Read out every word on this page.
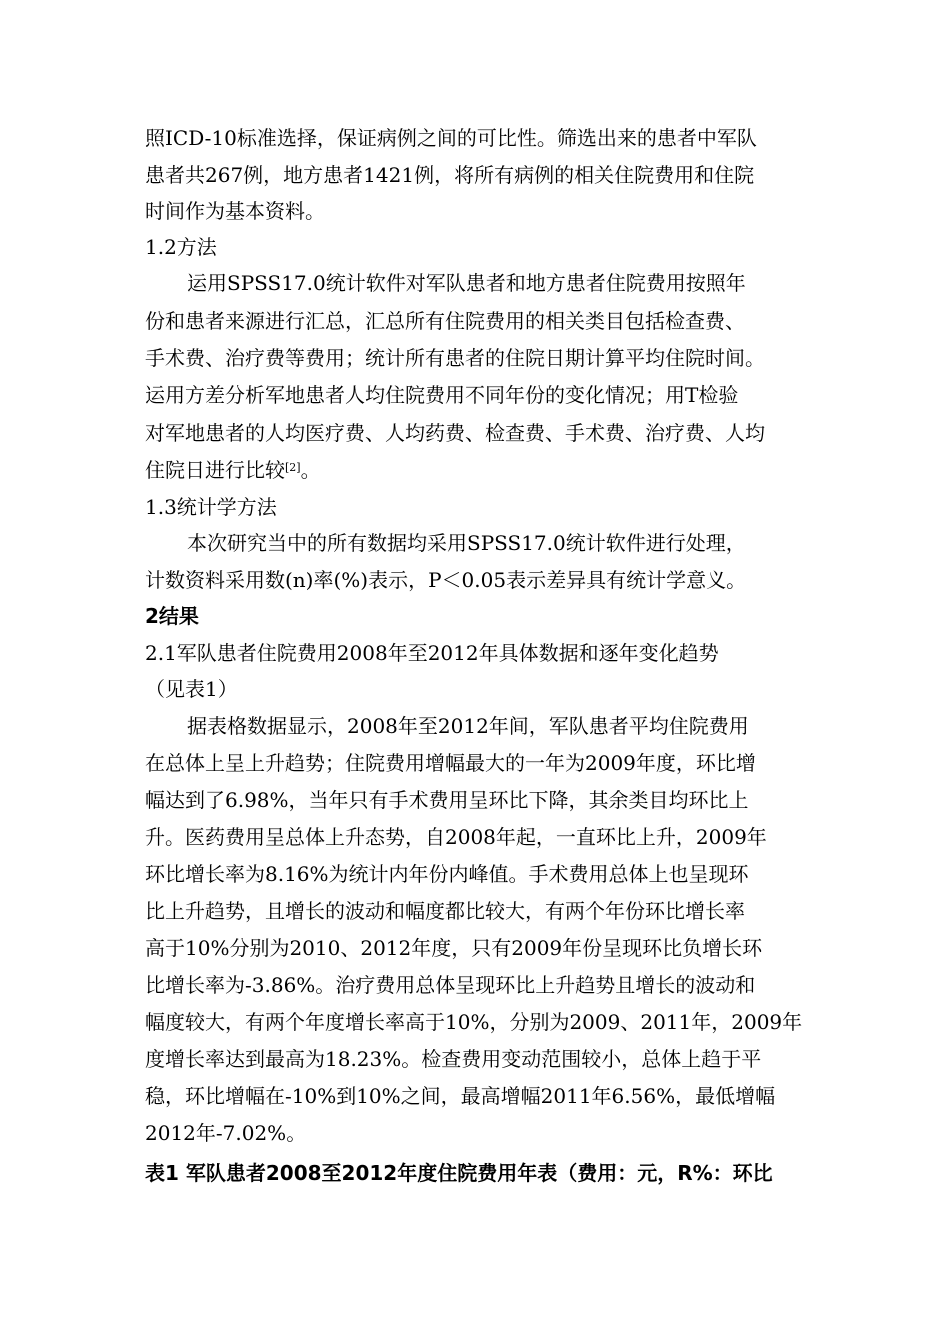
照ICD-10标准选择，保证病例之间的可比性。筛选出来的患者中军队
患者共267例，地方患者1421例，将所有病例的相关住院费用和住院
时间作为基本资料。
1.2方法
运用SPSS17.0统计软件对军队患者和地方患者住院费用按照年
份和患者来源进行汇总，汇总所有住院费用的相关类目包括检查费、
手术费、治疗费等费用；统计所有患者的住院日期计算平均住院时间。
运用方差分析军地患者人均住院费用不同年份的变化情况；用T检验
对军地患者的人均医疗费、人均药费、检查费、手术费、治疗费、人均
住院日进行比较[2]。
1.3统计学方法
本次研究当中的所有数据均采用SPSS17.0统计软件进行处理，
计数资料采用数(n)率(%)表示，P＜0.05表示差异具有统计学意义。
2结果
2.1军队患者住院费用2008年至2012年具体数据和逐年变化趋势
（见表1）
据表格数据显示，2008年至2012年间，军队患者平均住院费用
在总体上呈上升趋势；住院费用增幅最大的一年为2009年度，环比增
幅达到了6.98%，当年只有手术费用呈环比下降，其余类目均环比上
升。医药费用呈总体上升态势，自2008年起，一直环比上升，2009年
环比增长率为8.16%为统计内年份内峰值。手术费用总体上也呈现环
比上升趋势，且增长的波动和幅度都比较大，有两个年份环比增长率
高于10%分别为2010、2012年度，只有2009年份呈现环比负增长环
比增长率为-3.86%。治疗费用总体呈现环比上升趋势且增长的波动和
幅度较大，有两个年度增长率高于10%，分别为2009、2011年，2009年
度增长率达到最高为18.23%。检查费用变动范围较小，总体上趋于平
稳，环比增幅在-10%到10%之间，最高增幅2011年6.56%，最低增幅
2012年-7.02%。
表1 军队患者2008至2012年度住院费用年表（费用：元，R%：环比
